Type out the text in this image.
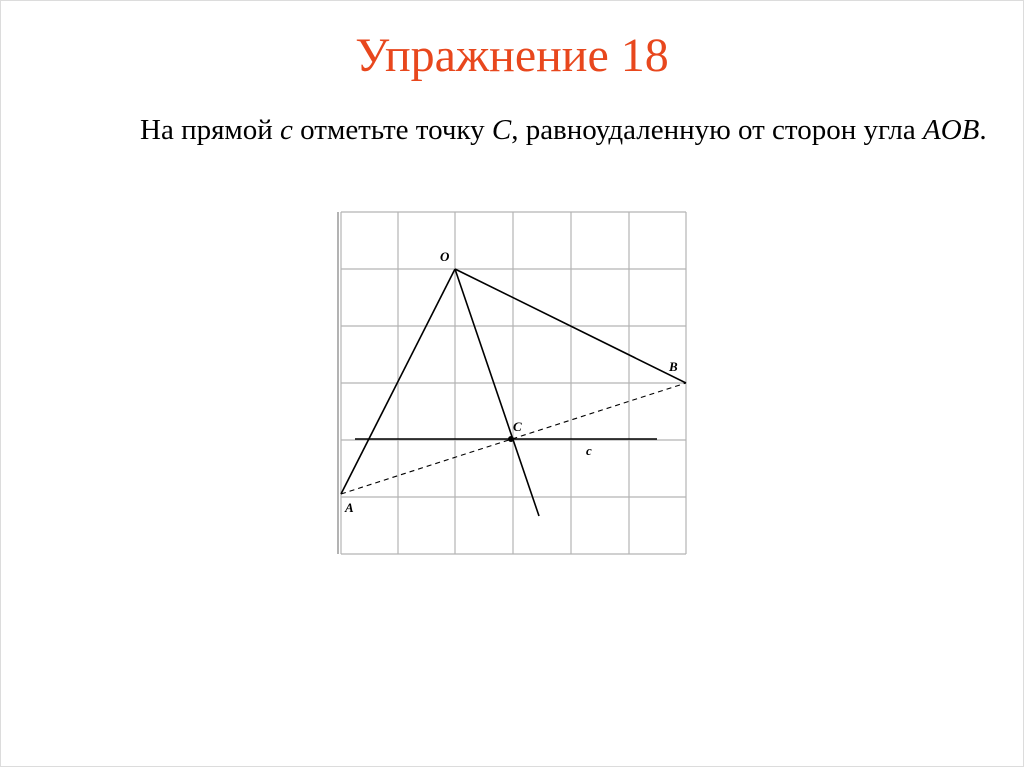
Упражнение 18

На прямой c отметьте точку C, равноудаленную от сторон угла AOB.

O
B
C
A
c
